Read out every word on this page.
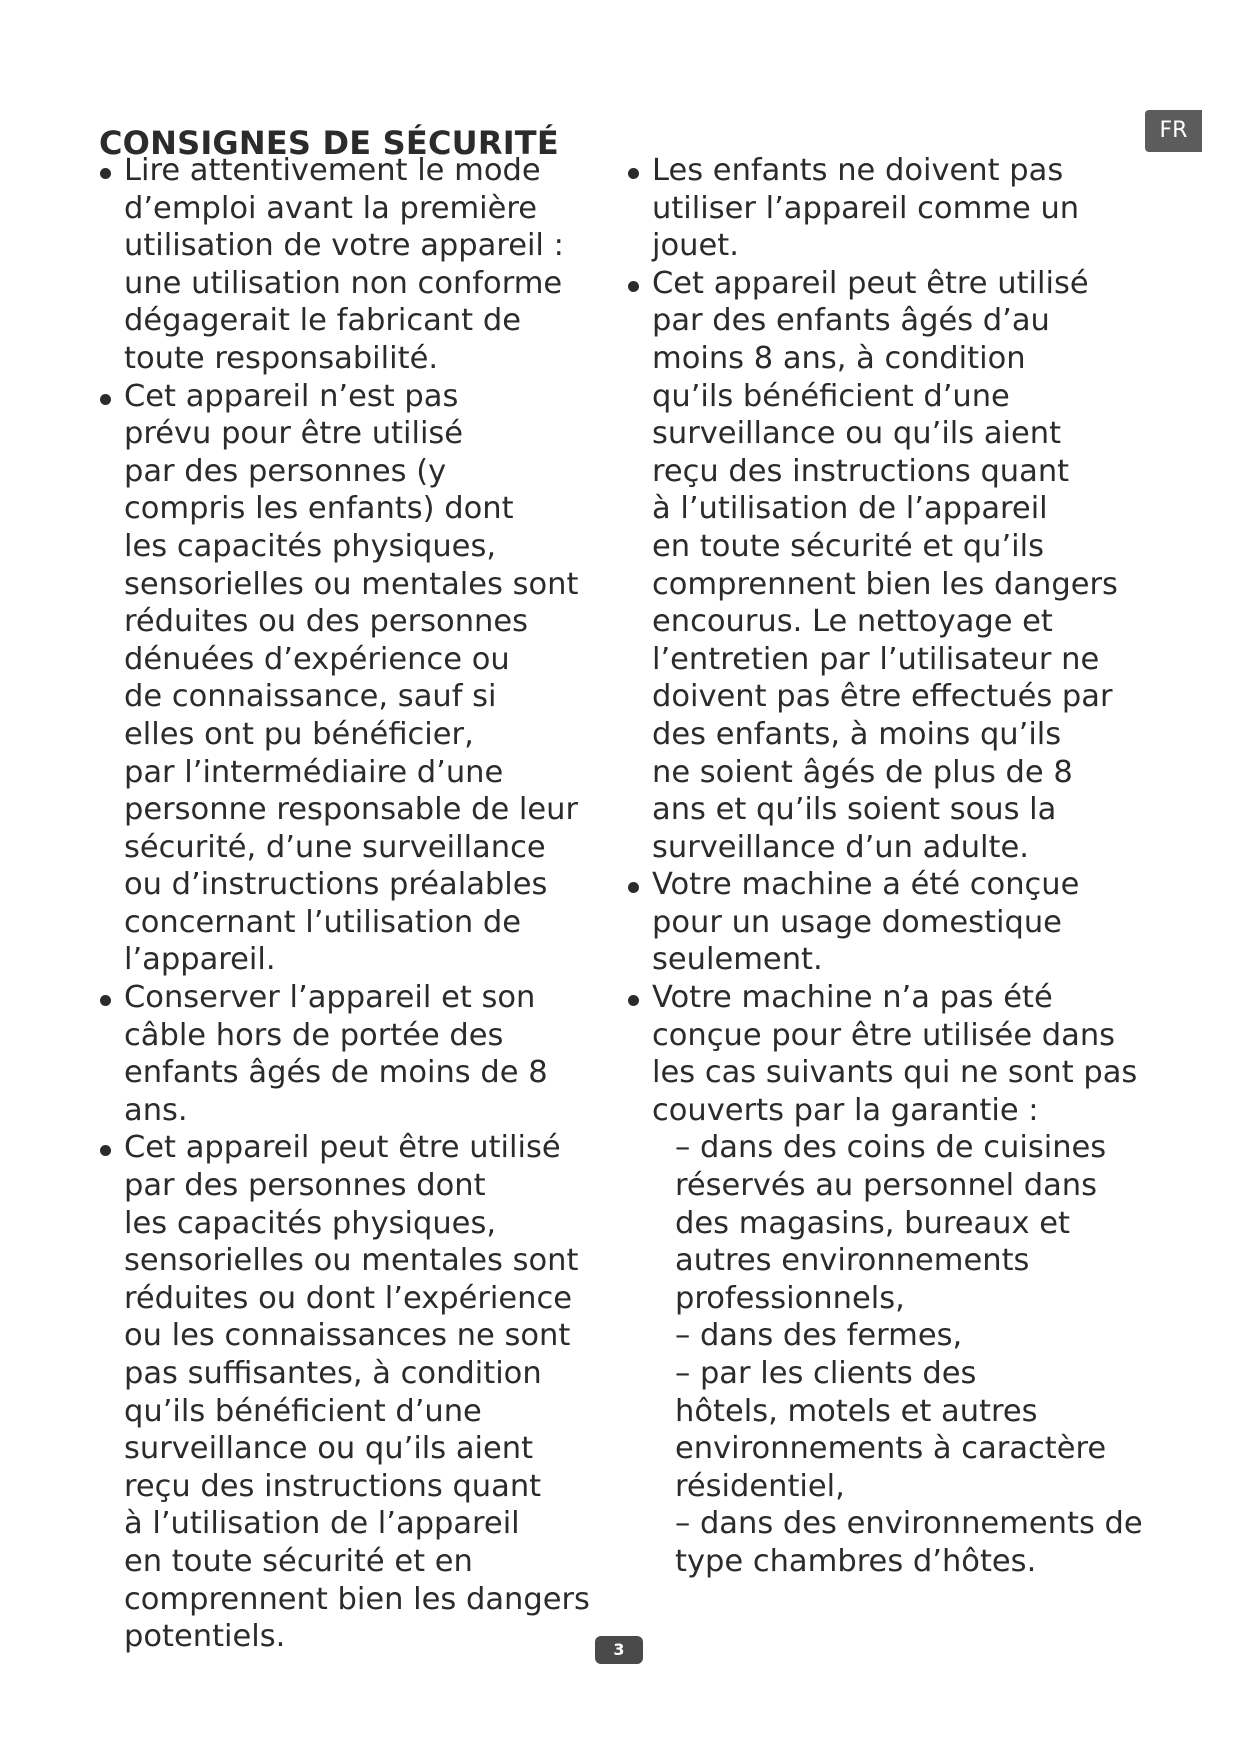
CONSIGNES DE SÉCURITÉ	FR
Lire attentivement le mode
d’emploi avant la première
utilisation de votre appareil :
une utilisation non conforme
dégagerait le fabricant de
toute responsabilité.
Cet appareil n’est pas
prévu pour être utilisé
par des personnes (y
compris les enfants) dont
les capacités physiques,
sensorielles ou mentales sont
réduites ou des personnes
dénuées d’expérience ou
de connaissance, sauf si
elles ont pu bénéficier,
par l’intermédiaire d’une
personne responsable de leur
sécurité, d’une surveillance
ou d’instructions préalables
concernant l’utilisation de
l’appareil.
Conserver l’appareil et son
câble hors de portée des
enfants âgés de moins de 8
ans.
Cet appareil peut être utilisé
par des personnes dont
les capacités physiques,
sensorielles ou mentales sont
réduites ou dont l’expérience
ou les connaissances ne sont
pas suffisantes, à condition
qu’ils bénéficient d’une
surveillance ou qu’ils aient
reçu des instructions quant
à l’utilisation de l’appareil
en toute sécurité et en
comprennent bien les dangers
potentiels.
Les enfants ne doivent pas
utiliser l’appareil comme un
jouet.
Cet appareil peut être utilisé
par des enfants âgés d’au
moins 8 ans, à condition
qu’ils bénéficient d’une
surveillance ou qu’ils aient
reçu des instructions quant
à l’utilisation de l’appareil
en toute sécurité et qu’ils
comprennent bien les dangers
encourus. Le nettoyage et
l’entretien par l’utilisateur ne
doivent pas être effectués par
des enfants, à moins qu’ils
ne soient âgés de plus de 8
ans et qu’ils soient sous la
surveillance d’un adulte.
Votre machine a été conçue
pour un usage domestique
seulement.
Votre machine n’a pas été
conçue pour être utilisée dans
les cas suivants qui ne sont pas
couverts par la garantie :
– dans des coins de cuisines
réservés au personnel dans
des magasins, bureaux et
autres environnements
professionnels,
– dans des fermes,
– par les clients des
hôtels, motels et autres
environnements à caractère
résidentiel,
– dans des environnements de
type chambres d’hôtes.
3
